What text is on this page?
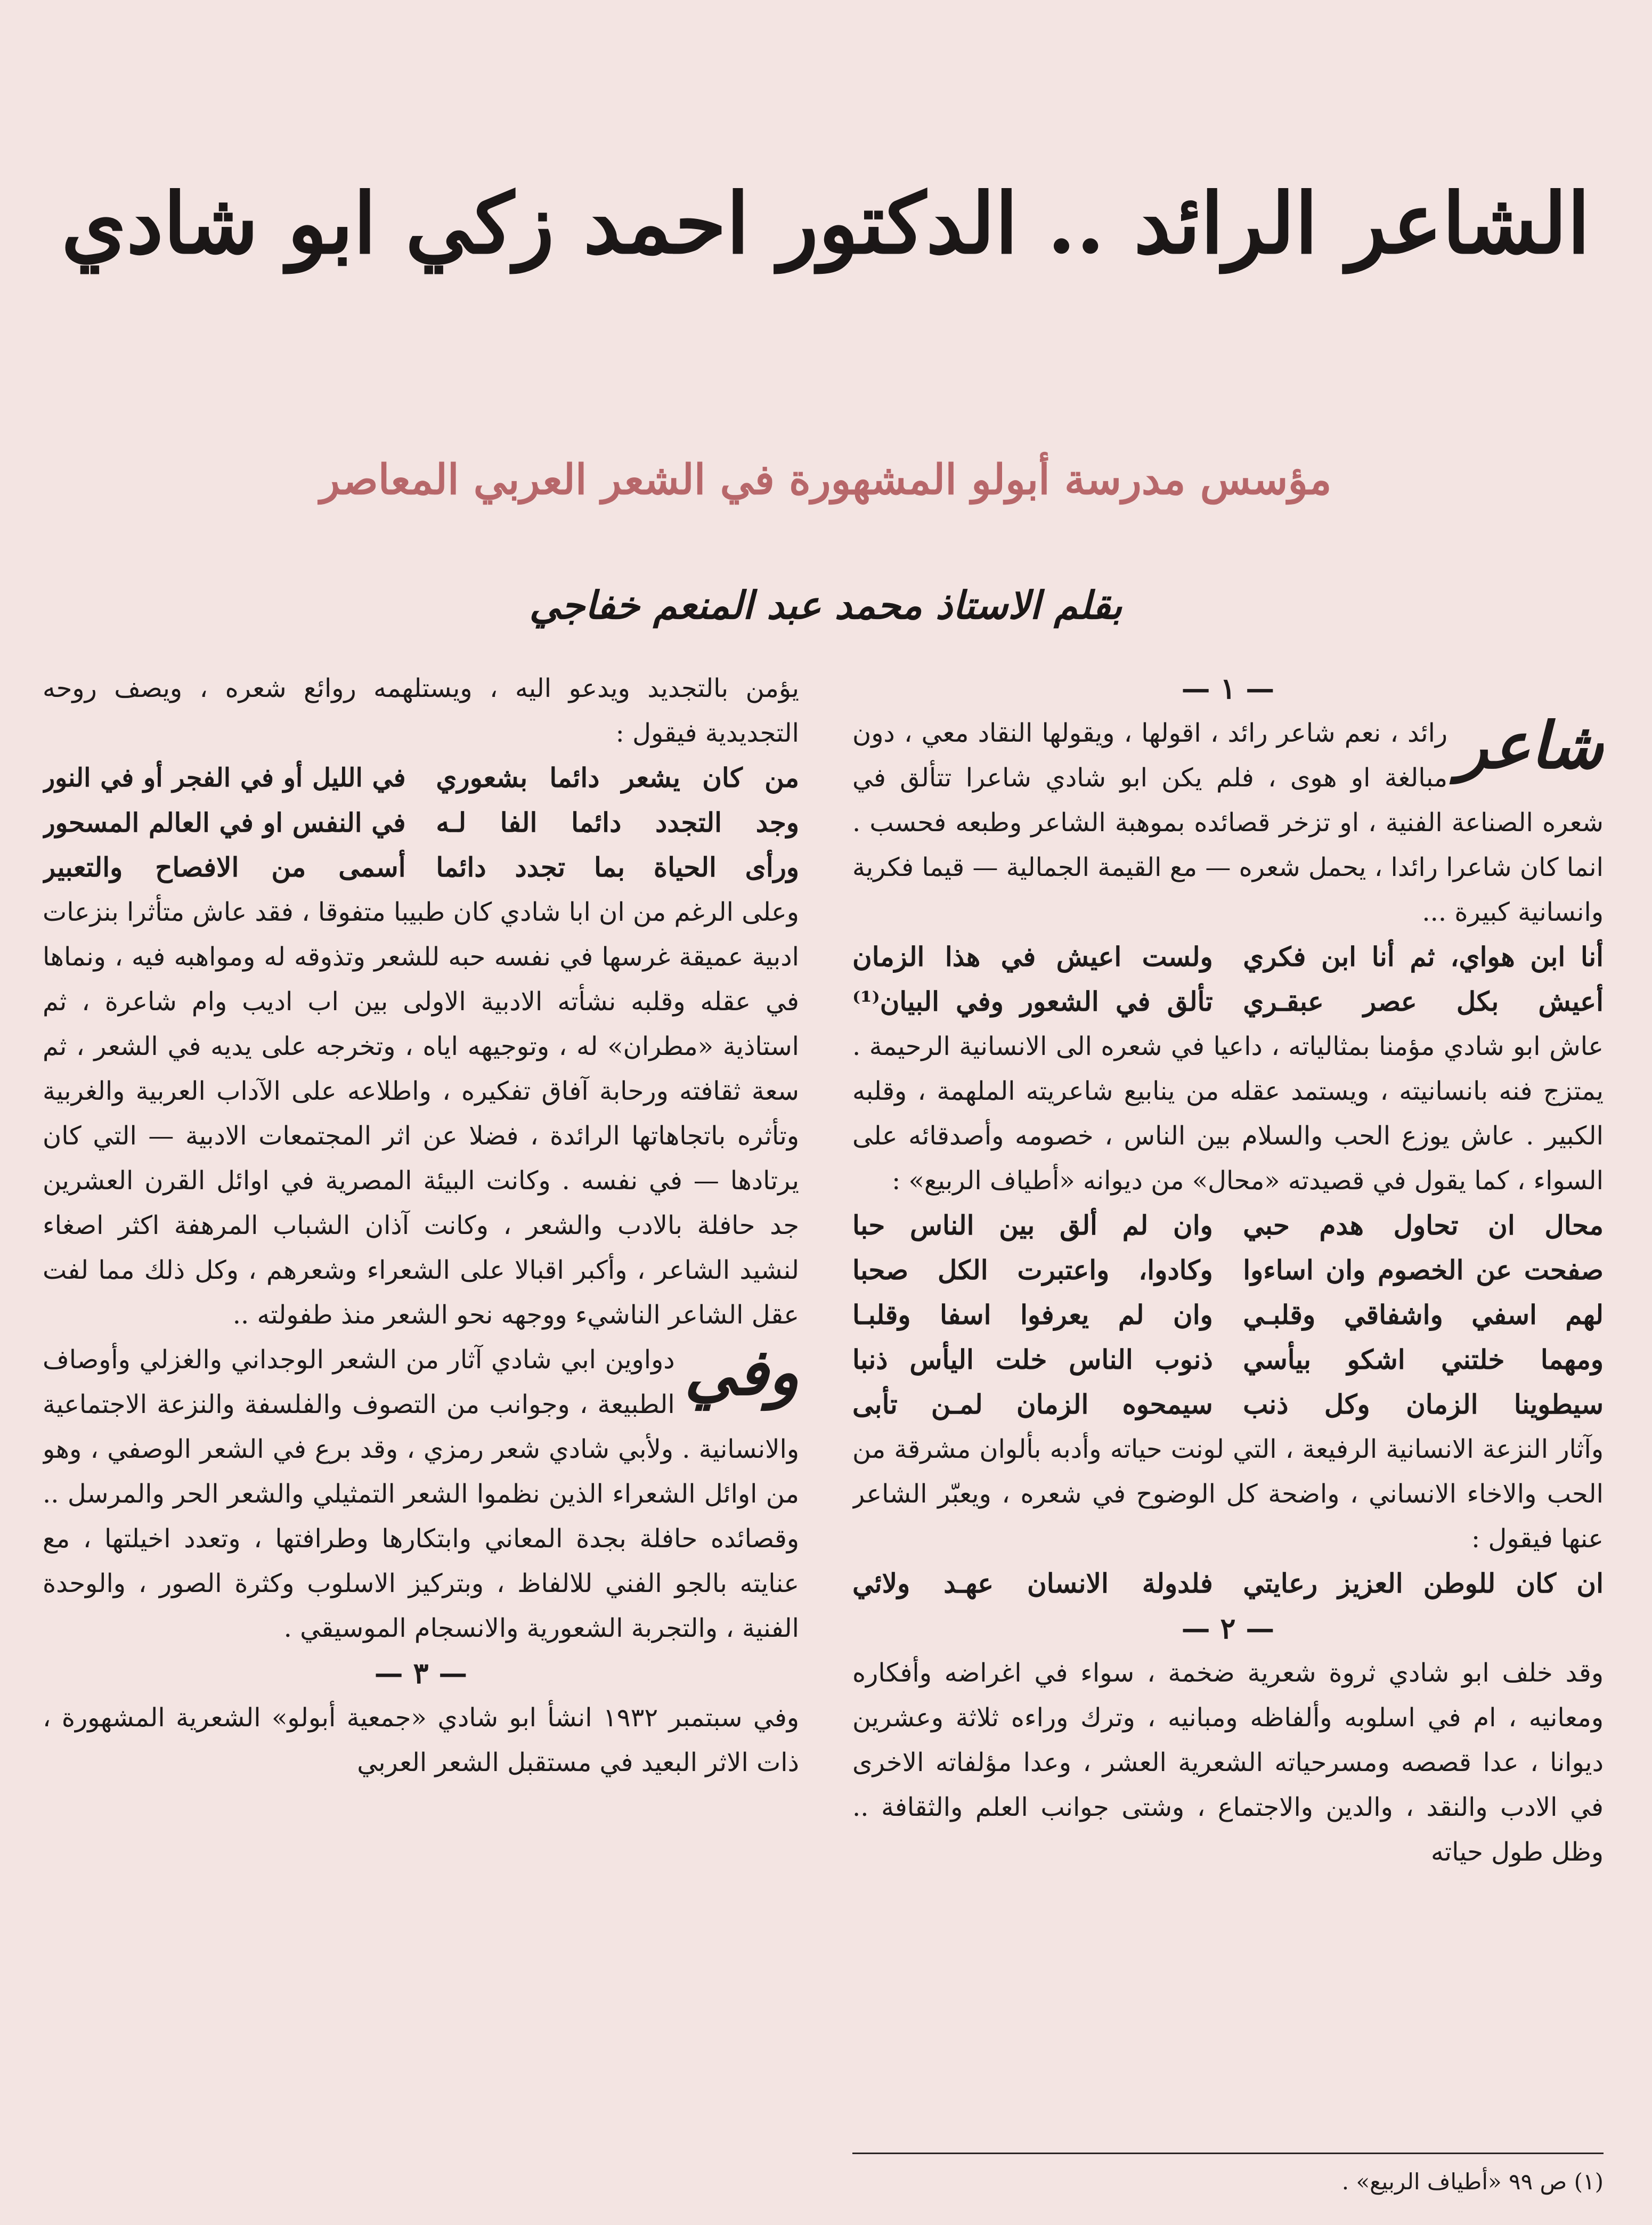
الشاعر الرائد .. الدكتور احمد زكي ابو شادي
مؤسس مدرسة أبولو المشهورة في الشعر العربي المعاصر
بقلم الاستاذ محمد عبد المنعم خفاجي
— ١ —

شاعر
رائد ، نعم شاعر رائد ، اقولها ، ويقولها النقاد معي ، دون مبالغة او هوى ، فلم يكن ابو شادي شاعرا تتألق في شعره الصناعة الفنية ، او تزخر قصائده بموهبة الشاعر وطبعه فحسب . انما كان شاعرا رائدا ، يحمل شعره — مع القيمة الجمالية — قيما فكرية وانسانية كبيرة ...

أنا ابن هواي، ثم أنا ابن فكري
ولست اعيش في هذا الزمان
أعيش بكل عصر عبقـري
تألق في الشعور وفي البيان⁽¹⁾

عاش ابو شادي مؤمنا بمثالياته ، داعيا في شعره الى الانسانية الرحيمة . يمتزج فنه بانسانيته ، ويستمد عقله من ينابيع شاعريته الملهمة ، وقلبه الكبير . عاش يوزع الحب والسلام بين الناس ، خصومه وأصدقائه على السواء ، كما يقول في قصيدته «محال» من ديوانه «أطياف الربيع» :

محال ان تحاول هدم حبي
وان لم ألق بين الناس حبا
صفحت عن الخصوم وان اساءوا
وكادوا، واعتبرت الكل صحبا
لهم اسفي واشفاقي وقلبـي
وان لم يعرفوا اسفا وقلبـا
ومهما خلتني اشكو بيأسي
ذنوب الناس خلت اليأس ذنبا
سيطوينا الزمان وكل ذنب
سيمحوه الزمان لمـن تأبى

وآثار النزعة الانسانية الرفيعة ، التي لونت حياته وأدبه بألوان مشرقة من الحب والاخاء الانساني ، واضحة كل الوضوح في شعره ، ويعبّر الشاعر عنها فيقول :

ان كان للوطن العزيز رعايتي
فلدولة الانسان عهـد ولائي
— ٢ —

وقد خلف ابو شادي ثروة شعرية ضخمة ، سواء في اغراضه وأفكاره ومعانيه ، ام في اسلوبه وألفاظه ومبانيه ، وترك وراءه ثلاثة وعشرين ديوانا ، عدا قصصه ومسرحياته الشعرية العشر ، وعدا مؤلفاته الاخرى في الادب والنقد ، والدين والاجتماع ، وشتى جوانب العلم والثقافة .. وظل طول حياته

يؤمن بالتجديد ويدعو اليه ، ويستلهمه روائع شعره ، ويصف روحه التجديدية فيقول :

من كان يشعر دائما بشعوري
في الليل أو في الفجر أو في النور
وجد التجدد دائما الفا لـه
في النفس او في العالم المسحور
ورأى الحياة بما تجدد دائما
أسمى من الافصاح والتعبير

وعلى الرغم من ان ابا شادي كان طبيبا متفوقا ، فقد عاش متأثرا بنزعات ادبية عميقة غرسها في نفسه حبه للشعر وتذوقه له ومواهبه فيه ، ونماها في عقله وقلبه نشأته الادبية الاولى بين اب اديب وام شاعرة ، ثم استاذية «مطران» له ، وتوجيهه اياه ، وتخرجه على يديه في الشعر ، ثم سعة ثقافته ورحابة آفاق تفكيره ، واطلاعه على الآداب العربية والغربية وتأثره باتجاهاتها الرائدة ، فضلا عن اثر المجتمعات الادبية — التي كان يرتادها — في نفسه . وكانت البيئة المصرية في اوائل القرن العشرين جد حافلة بالادب والشعر ، وكانت آذان الشباب المرهفة اكثر اصغاء لنشيد الشاعر ، وأكبر اقبالا على الشعراء وشعرهم ، وكل ذلك مما لفت عقل الشاعر الناشيء ووجهه نحو الشعر منذ طفولته ..

وفي
دواوين ابي شادي آثار من الشعر الوجداني والغزلي وأوصاف الطبيعة ، وجوانب من التصوف والفلسفة والنزعة الاجتماعية والانسانية . ولأبي شادي شعر رمزي ، وقد برع في الشعر الوصفي ، وهو من اوائل الشعراء الذين نظموا الشعر التمثيلي والشعر الحر والمرسل .. وقصائده حافلة بجدة المعاني وابتكارها وطرافتها ، وتعدد اخيلتها ، مع عنايته بالجو الفني للالفاظ ، وبتركيز الاسلوب وكثرة الصور ، والوحدة الفنية ، والتجربة الشعورية والانسجام الموسيقي .

— ٣ —

وفي سبتمبر ١٩٣٢ انشأ ابو شادي «جمعية أبولو» الشعرية المشهورة ، ذات الاثر البعيد في مستقبل الشعر العربي

(١) ص ٩٩ «أطياف الربيع» .
